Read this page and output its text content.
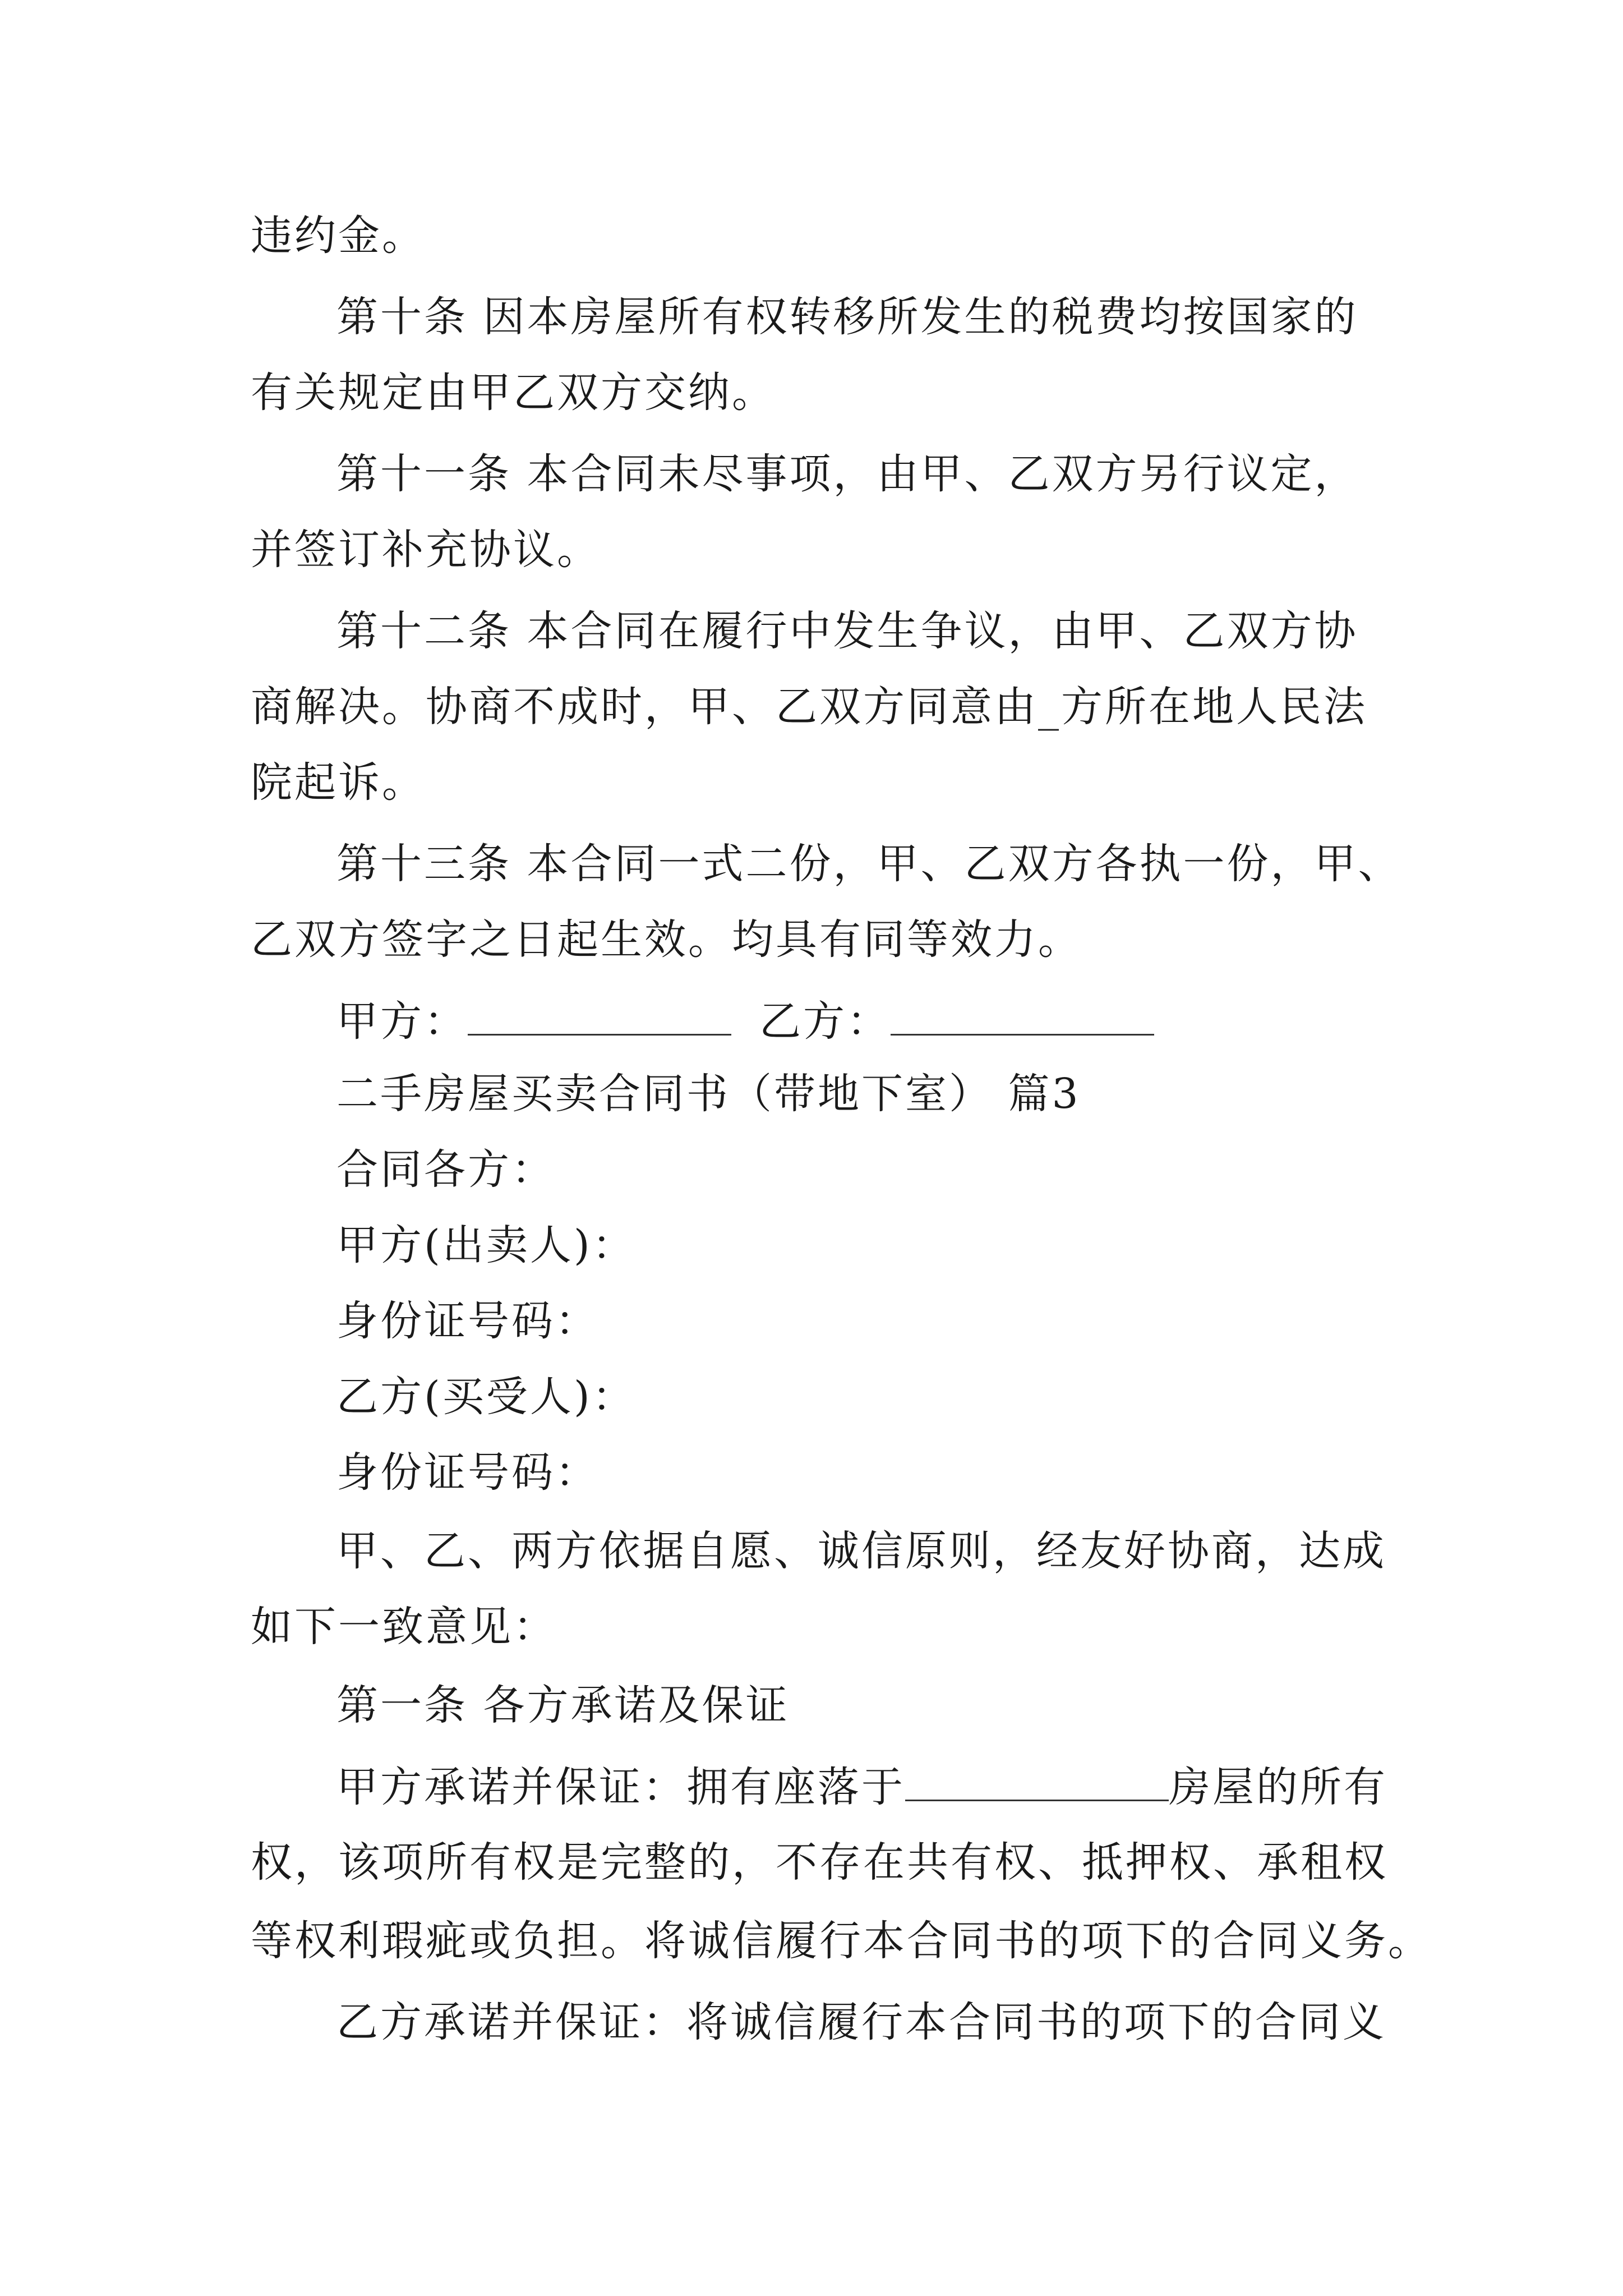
违约金。
第十条 因本房屋所有权转移所发生的税费均按国家的
有关规定由甲乙双方交纳。
第十一条 本合同未尽事项，由甲、乙双方另行议定，
并签订补充协议。
第十二条 本合同在履行中发生争议，由甲、乙双方协
商解决。协商不成时，甲、乙双方同意由_方所在地人民法
院起诉。
第十三条 本合同一式二份，甲、乙双方各执一份，甲、
乙双方签字之日起生效。均具有同等效力。
甲方：	乙方：
二手房屋买卖合同书（带地下室） 篇3
合同各方：
甲方(出卖人)：
身份证号码：
乙方(买受人)：
身份证号码：
甲、乙、两方依据自愿、诚信原则，经友好协商，达成
如下一致意见：
第一条 各方承诺及保证
甲方承诺并保证：拥有座落于	房屋的所有
权，该项所有权是完整的，不存在共有权、抵押权、承租权
等权利瑕疵或负担。将诚信履行本合同书的项下的合同义务。
乙方承诺并保证：将诚信履行本合同书的项下的合同义
